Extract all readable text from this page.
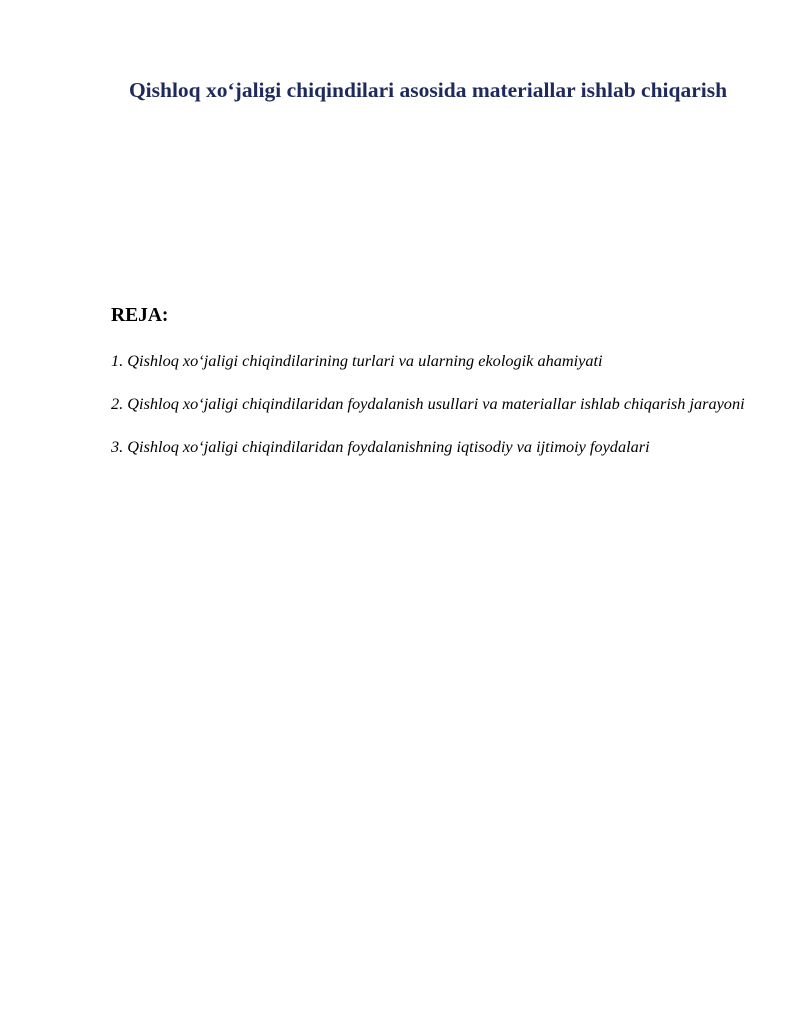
Qishloq xo‘jaligi chiqindilari asosida materiallar ishlab chiqarish
REJA:
1. Qishloq xo‘jaligi chiqindilarining turlari va ularning ekologik ahamiyati
2. Qishloq xo‘jaligi chiqindilaridan foydalanish usullari va materiallar ishlab chiqarish jarayoni
3. Qishloq xo‘jaligi chiqindilaridan foydalanishning iqtisodiy va ijtimoiy foydalari
